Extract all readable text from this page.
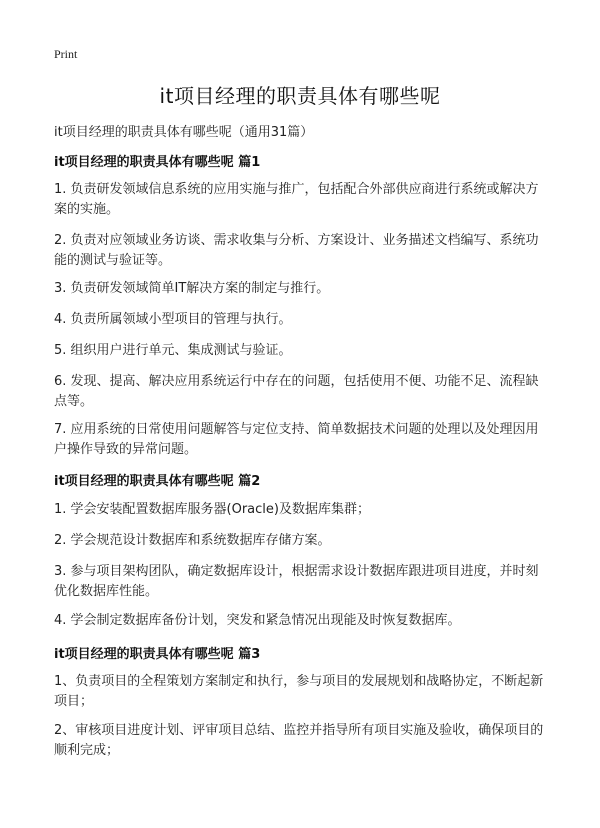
Print
it项目经理的职责具体有哪些呢

it项目经理的职责具体有哪些呢（通用31篇）

it项目经理的职责具体有哪些呢 篇1

1. 负责研发领域信息系统的应用实施与推广，包括配合外部供应商进行系统或解决方案的实施。

2. 负责对应领域业务访谈、需求收集与分析、方案设计、业务描述文档编写、系统功能的测试与验证等。

3. 负责研发领域简单IT解决方案的制定与推行。

4. 负责所属领域小型项目的管理与执行。

5. 组织用户进行单元、集成测试与验证。

6. 发现、提高、解决应用系统运行中存在的问题，包括使用不便、功能不足、流程缺点等。

7. 应用系统的日常使用问题解答与定位支持、简单数据技术问题的处理以及处理因用户操作导致的异常问题。

it项目经理的职责具体有哪些呢 篇2

1. 学会安装配置数据库服务器(Oracle)及数据库集群；

2. 学会规范设计数据库和系统数据库存储方案。

3. 参与项目架构团队，确定数据库设计，根据需求设计数据库跟进项目进度，并时刻优化数据库性能。

4. 学会制定数据库备份计划，突发和紧急情况出现能及时恢复数据库。

it项目经理的职责具体有哪些呢 篇3

1、负责项目的全程策划方案制定和执行，参与项目的发展规划和战略协定，不断起新项目；

2、审核项目进度计划、评审项目总结、监控并指导所有项目实施及验收，确保项目的顺利完成；
